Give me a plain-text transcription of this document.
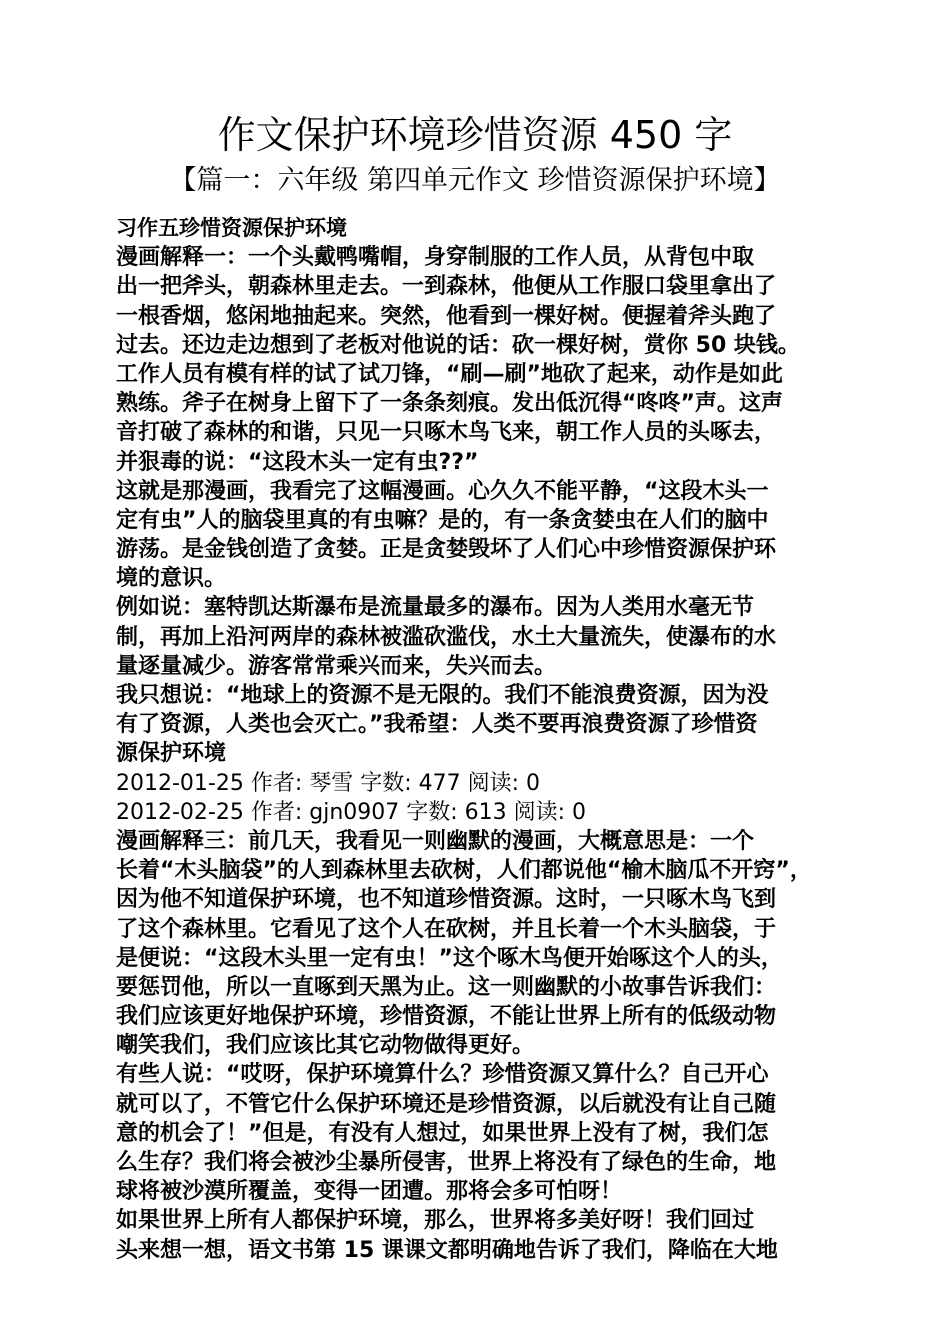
作文保护环境珍惜资源 450 字
【篇一：六年级 第四单元作文 珍惜资源保护环境】
习作五珍惜资源保护环境
漫画解释一：一个头戴鸭嘴帽，身穿制服的工作人员，从背包中取
出一把斧头，朝森林里走去。一到森林，他便从工作服口袋里拿出了
一根香烟，悠闲地抽起来。突然，他看到一棵好树。便握着斧头跑了
过去。还边走边想到了老板对他说的话：砍一棵好树，赏你 50 块钱。
工作人员有模有样的试了试刀锋，“刷—刷”地砍了起来，动作是如此
熟练。斧子在树身上留下了一条条刻痕。发出低沉得“咚咚”声。这声
音打破了森林的和谐，只见一只啄木鸟飞来，朝工作人员的头啄去，
并狠毒的说：“这段木头一定有虫??”
这就是那漫画，我看完了这幅漫画。心久久不能平静，“这段木头一
定有虫”人的脑袋里真的有虫嘛？是的，有一条贪婪虫在人们的脑中
游荡。是金钱创造了贪婪。正是贪婪毁坏了人们心中珍惜资源保护环
境的意识。
例如说：塞特凯达斯瀑布是流量最多的瀑布。因为人类用水毫无节
制，再加上沿河两岸的森林被滥砍滥伐，水土大量流失，使瀑布的水
量逐量减少。游客常常乘兴而来，失兴而去。
我只想说：“地球上的资源不是无限的。我们不能浪费资源，因为没
有了资源，人类也会灭亡。”我希望：人类不要再浪费资源了珍惜资
源保护环境
2012-01-25 作者: 琴雪 字数: 477 阅读: 0
2012-02-25 作者: gjn0907 字数: 613 阅读: 0
漫画解释三：前几天，我看见一则幽默的漫画，大概意思是：一个
长着“木头脑袋”的人到森林里去砍树，人们都说他“榆木脑瓜不开窍”，
因为他不知道保护环境，也不知道珍惜资源。这时，一只啄木鸟飞到
了这个森林里。它看见了这个人在砍树，并且长着一个木头脑袋，于
是便说：“这段木头里一定有虫！”这个啄木鸟便开始啄这个人的头，
要惩罚他，所以一直啄到天黑为止。这一则幽默的小故事告诉我们：
我们应该更好地保护环境，珍惜资源，不能让世界上所有的低级动物
嘲笑我们，我们应该比其它动物做得更好。
有些人说：“哎呀，保护环境算什么？珍惜资源又算什么？自己开心
就可以了，不管它什么保护环境还是珍惜资源，以后就没有让自己随
意的机会了！”但是，有没有人想过，如果世界上没有了树，我们怎
么生存？我们将会被沙尘暴所侵害，世界上将没有了绿色的生命，地
球将被沙漠所覆盖，变得一团遭。那将会多可怕呀！
如果世界上所有人都保护环境，那么，世界将多美好呀！我们回过
头来想一想，语文书第 15 课课文都明确地告诉了我们，降临在大地
